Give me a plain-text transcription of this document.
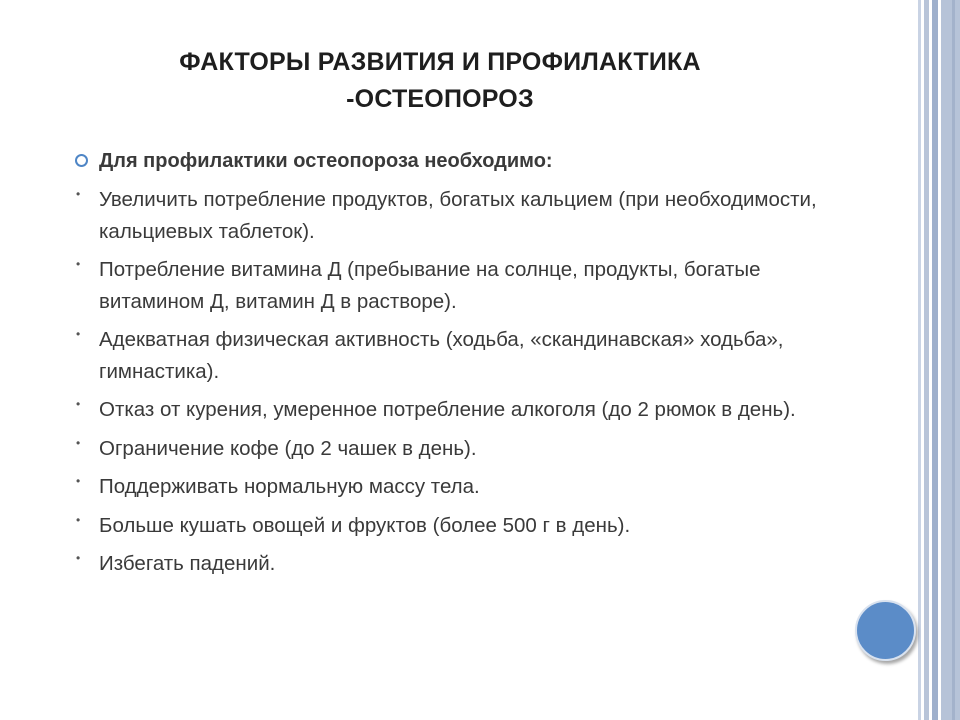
ФАКТОРЫ РАЗВИТИЯ И ПРОФИЛАКТИКА
-ОСТЕОПОРОЗ
Для профилактики остеопороза необходимо:
• Увеличить потребление продуктов, богатых кальцием (при необходимости, кальциевых таблеток).
• Потребление витамина Д (пребывание на солнце, продукты, богатые витамином Д, витамин Д в растворе).
• Адекватная физическая активность (ходьба, «скандинавская» ходьба», гимнастика).
• Отказ от курения, умеренное потребление алкоголя (до 2 рюмок в день).
• Ограничение кофе (до 2 чашек в день).
• Поддерживать нормальную массу тела.
• Больше кушать овощей и фруктов (более 500 г в день).
• Избегать падений.
